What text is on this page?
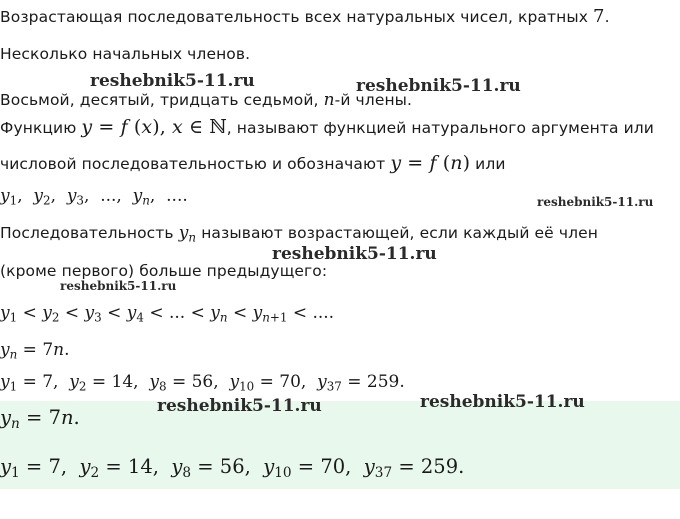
Возрастающая последовательность всех натуральных чисел, кратных 7.
Несколько начальных членов.
Восьмой, десятый, тридцать седьмой, n-й члены.
Функцию y = f (x), x ∈ ℕ, называют функцией натурального аргумента или
числовой последовательностью и обозначают y = f (n) или
$y_1$,  $y_2$,  $y_3$,  ...,  $y_n$,  ....
Последовательность $y_n$ называют возрастающей, если каждый её член
(кроме первого) больше предыдущего:
$y_1 < y_2 < y_3 < y_4$ < ... < $y_n < y_{n+1}$ < ....
$y_n = 7n$.
$y_1 = 7$,  $y_2 = 14$,  $y_8 = 56$,  $y_{10} = 70$,  $y_{37} = 259$.
$y_n = 7n$.
$y_1 = 7$,  $y_2 = 14$,  $y_8 = 56$,  $y_{10} = 70$,  $y_{37} = 259$.
reshebnik5-11.ru	reshebnik5-11.ru
reshebnik5-11.ru
reshebnik5-11.ru
reshebnik5-11.ru
reshebnik5-11.ru	reshebnik5-11.ru
